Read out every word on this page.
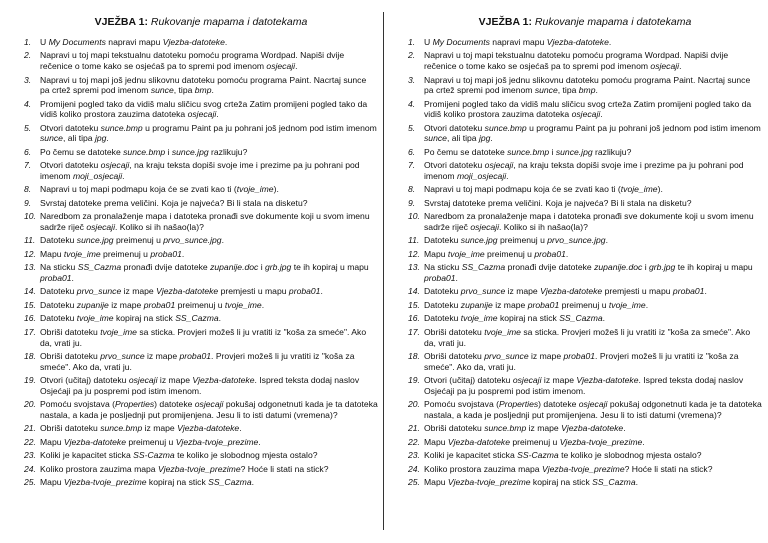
VJEŽBA 1: Rukovanje mapama i datotekama
1. U My Documents napravi mapu Vjezba-datoteke.
2. Napravi u toj mapi tekstualnu datoteku pomoću programa Wordpad. Napiši dvije rečenice o tome kako se osjećaš pa to spremi pod imenom osjecaji.
3. Napravi u toj mapi još jednu slikovnu datoteku pomoću programa Paint. Nacrtaj sunce pa crtež spremi pod imenom sunce, tipa bmp.
4. Promijeni pogled tako da vidiš malu sličicu svog crteža Zatim promijeni pogled tako da vidiš koliko prostora zauzima datoteka osjecaji.
5. Otvori datoteku sunce.bmp u programu Paint pa ju pohrani još jednom pod istim imenom sunce, ali tipa jpg.
6. Po čemu se datoteke sunce.bmp i sunce.jpg razlikuju?
7. Otvori datoteku osjecaji, na kraju teksta dopiši svoje ime i prezime pa ju pohrani pod imenom moji_osjecaji.
8. Napravi u toj mapi podmapu koja će se zvati kao ti (tvoje_ime).
9. Svrstaj datoteke prema veličini. Koja je najveća? Bi li stala na disketu?
10. Naredbom za pronalaženje mapa i datoteka pronađi sve dokumente koji u svom imenu sadrže riječ osjecaji. Koliko si ih našao(la)?
11. Datoteku sunce.jpg preimenuj u prvo_sunce.jpg.
12. Mapu tvoje_ime preimenuj u proba01.
13. Na sticku SS_Cazma pronađi dvije datoteke zupanije.doc i grb.jpg te ih kopiraj u mapu proba01.
14. Datoteku prvo_sunce iz mape Vjezba-datoteke premjesti u mapu proba01.
15. Datoteku zupanije iz mape proba01 preimenuj u tvoje_ime.
16. Datoteku tvoje_ime kopiraj na stick SS_Cazma.
17. Obriši datoteku tvoje_ime sa sticka. Provjeri možeš li ju vratiti iz "koša za smeće". Ako da, vrati ju.
18. Obriši datoteku prvo_sunce iz mape proba01. Provjeri možeš li ju vratiti iz "koša za smeće". Ako da, vrati ju.
19. Otvori (učitaj) datoteku osjecaji iz mape Vjezba-datoteke. Ispred teksta dodaj naslov Osjećaji pa ju pospremi pod istim imenom.
20. Pomoću svojstava (Properties) datoteke osjecaji pokušaj odgonetnuti kada je ta datoteka nastala, a kada je posljednji put promijenjena. Jesu li to isti datumi (vremena)?
21. Obriši datoteku sunce.bmp iz mape Vjezba-datoteke.
22. Mapu Vjezba-datoteke preimenuj u Vjezba-tvoje_prezime.
23. Koliki je kapacitet sticka SS-Cazma te koliko je slobodnog mjesta ostalo?
24. Koliko prostora zauzima mapa Vjezba-tvoje_prezime? Hoće li stati na stick?
25. Mapu Vjezba-tvoje_prezime kopiraj na stick SS_Cazma.
VJEŽBA 1: Rukovanje mapama i datotekama
1. U My Documents napravi mapu Vjezba-datoteke.
2. Napravi u toj mapi tekstualnu datoteku pomoću programa Wordpad. Napiši dvije rečenice o tome kako se osjećaš pa to spremi pod imenom osjecaji.
3. Napravi u toj mapi još jednu slikovnu datoteku pomoću programa Paint. Nacrtaj sunce pa crtež spremi pod imenom sunce, tipa bmp.
4. Promijeni pogled tako da vidiš malu sličicu svog crteža Zatim promijeni pogled tako da vidiš koliko prostora zauzima datoteka osjecaji.
5. Otvori datoteku sunce.bmp u programu Paint pa ju pohrani još jednom pod istim imenom sunce, ali tipa jpg.
6. Po čemu se datoteke sunce.bmp i sunce.jpg razlikuju?
7. Otvori datoteku osjecaji, na kraju teksta dopiši svoje ime i prezime pa ju pohrani pod imenom moji_osjecaji.
8. Napravi u toj mapi podmapu koja će se zvati kao ti (tvoje_ime).
9. Svrstaj datoteke prema veličini. Koja je najveća? Bi li stala na disketu?
10. Naredbom za pronalaženje mapa i datoteka pronađi sve dokumente koji u svom imenu sadrže riječ osjecaji. Koliko si ih našao(la)?
11. Datoteku sunce.jpg preimenuj u prvo_sunce.jpg.
12. Mapu tvoje_ime preimenuj u proba01.
13. Na sticku SS_Cazma pronađi dvije datoteke zupanije.doc i grb.jpg te ih kopiraj u mapu proba01.
14. Datoteku prvo_sunce iz mape Vjezba-datoteke premjesti u mapu proba01.
15. Datoteku zupanije iz mape proba01 preimenuj u tvoje_ime.
16. Datoteku tvoje_ime kopiraj na stick SS_Cazma.
17. Obriši datoteku tvoje_ime sa sticka. Provjeri možeš li ju vratiti iz "koša za smeće". Ako da, vrati ju.
18. Obriši datoteku prvo_sunce iz mape proba01. Provjeri možeš li ju vratiti iz "koša za smeće". Ako da, vrati ju.
19. Otvori (učitaj) datoteku osjecaji iz mape Vjezba-datoteke. Ispred teksta dodaj naslov Osjećaji pa ju pospremi pod istim imenom.
20. Pomoću svojstava (Properties) datoteke osjecaji pokušaj odgonetnuti kada je ta datoteka nastala, a kada je posljednji put promijenjena. Jesu li to isti datumi (vremena)?
21. Obriši datoteku sunce.bmp iz mape Vjezba-datoteke.
22. Mapu Vjezba-datoteke preimenuj u Vjezba-tvoje_prezime.
23. Koliki je kapacitet sticka SS-Cazma te koliko je slobodnog mjesta ostalo?
24. Koliko prostora zauzima mapa Vjezba-tvoje_prezime? Hoće li stati na stick?
25. Mapu Vjezba-tvoje_prezime kopiraj na stick SS_Cazma.
